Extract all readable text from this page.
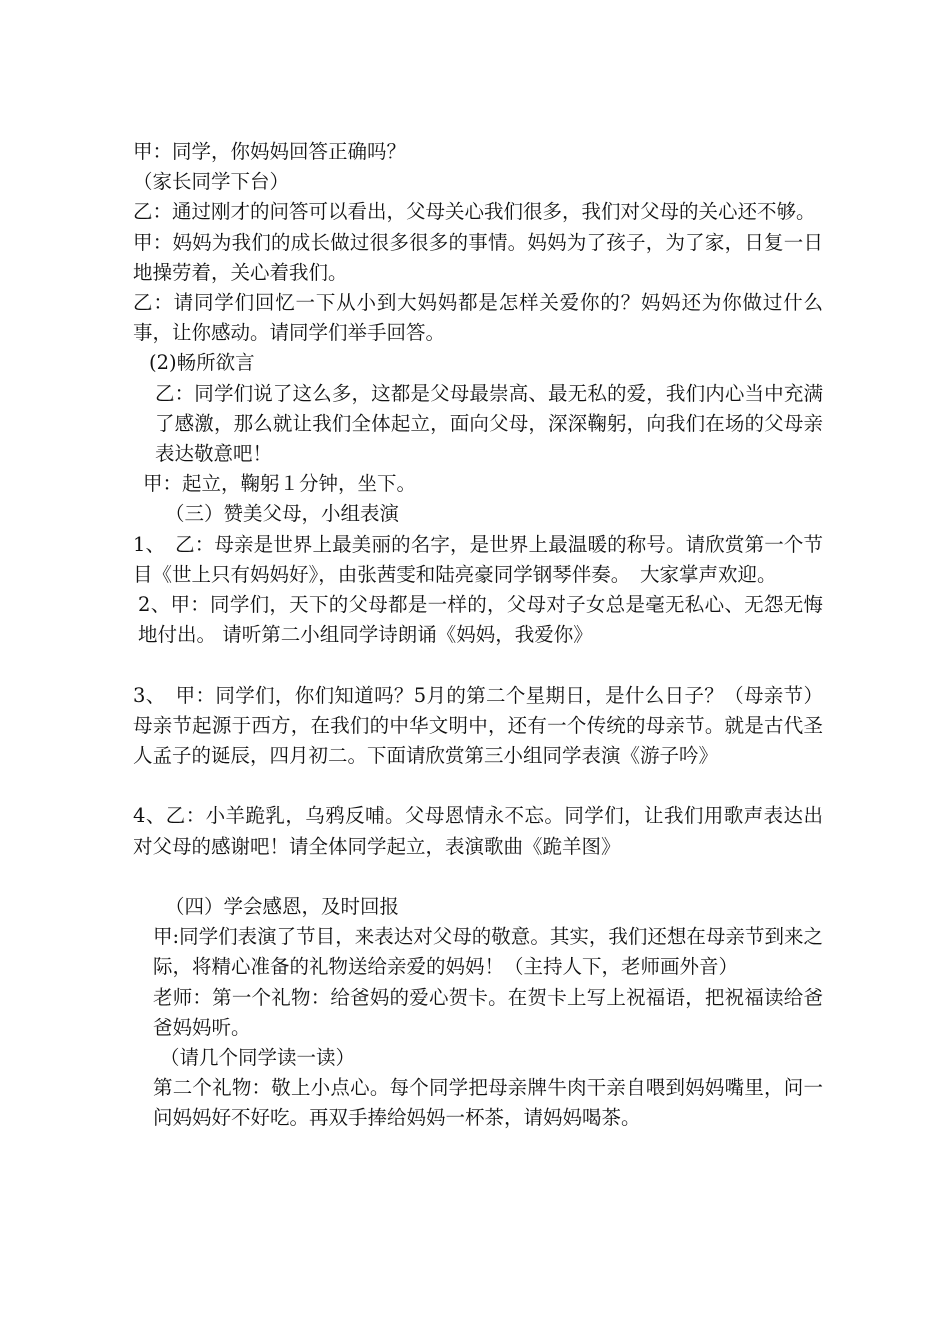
甲：同学，你妈妈回答正确吗？

（家长同学下台）

乙：通过刚才的问答可以看出，父母关心我们很多，我们对父母的关心还不够。

甲：妈妈为我们的成长做过很多很多的事情。妈妈为了孩子，为了家，日复一日地操劳着，关心着我们。

乙：请同学们回忆一下从小到大妈妈都是怎样关爱你的？妈妈还为你做过什么事，让你感动。请同学们举手回答。

(2)畅所欲言

乙：同学们说了这么多，这都是父母最崇高、最无私的爱，我们内心当中充满了感激，那么就让我们全体起立，面向父母，深深鞠躬，向我们在场的父母亲表达敬意吧！

甲：起立，鞠躬１分钟，坐下。

（三）赞美父母，小组表演

1、　乙：母亲是世界上最美丽的名字，是世界上最温暖的称号。请欣赏第一个节目《世上只有妈妈好》，由张茜雯和陆亮豪同学钢琴伴奏。　大家掌声欢迎。

2、甲：同学们，天下的父母都是一样的，父母对子女总是毫无私心、无怨无悔地付出。 请听第二小组同学诗朗诵《妈妈，我爱你》

3、　甲：同学们，你们知道吗？5月的第二个星期日，是什么日子？（母亲节）母亲节起源于西方，在我们的中华文明中，还有一个传统的母亲节。就是古代圣人孟子的诞辰，四月初二。下面请欣赏第三小组同学表演《游子吟》

4、乙：小羊跪乳，乌鸦反哺。父母恩情永不忘。同学们，让我们用歌声表达出对父母的感谢吧！请全体同学起立，表演歌曲《跪羊图》

（四）学会感恩，及时回报

甲:同学们表演了节目，来表达对父母的敬意。其实，我们还想在母亲节到来之际，将精心准备的礼物送给亲爱的妈妈！（主持人下，老师画外音）

老师：第一个礼物：给爸妈的爱心贺卡。在贺卡上写上祝福语，把祝福读给爸爸妈妈听。

（请几个同学读一读）

第二个礼物：敬上小点心。每个同学把母亲牌牛肉干亲自喂到妈妈嘴里，问一问妈妈好不好吃。再双手捧给妈妈一杯茶，请妈妈喝茶。
